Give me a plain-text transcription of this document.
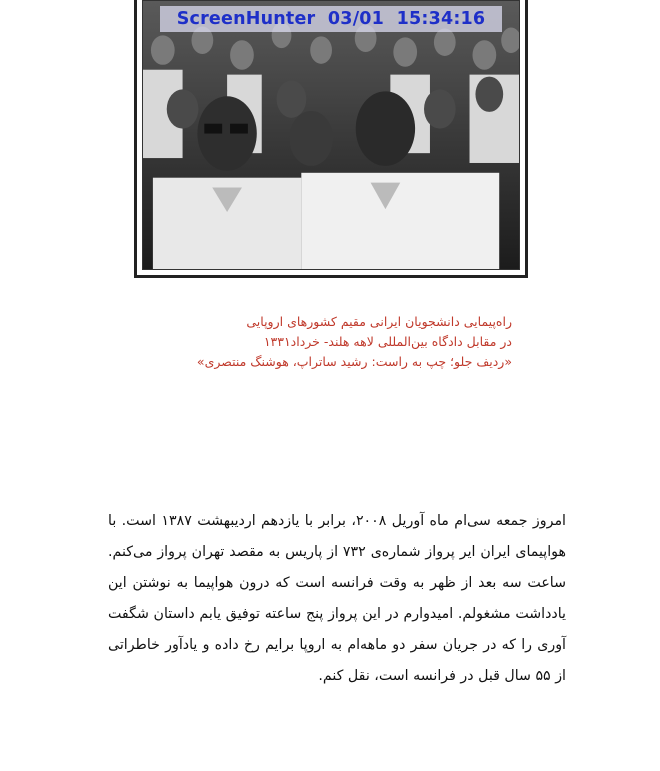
ScreenHunter  03/01  15:34:16
راه‌پیمایی دانشجویان ایرانی مقیم کشورهای اروپایی
در مقابل دادگاه بین‌المللی لاهه هلند- خرداد۱۳۳۱
«ردیف جلو؛ چپ به راست: رشید ساتراپ، هوشنگ منتصری»
امروز جمعه سی‌ام ماه آوریل ۲۰۰۸، برابر با یازدهم اردیبهشت ۱۳۸۷ است. با هواپیمای ایران ایر پرواز شماره‌ی ۷۳۲ از پاریس به مقصد تهران پرواز می‌کنم. ساعت سه بعد از ظهر به وقت فرانسه است که درون هواپیما به نوشتن این یادداشت مشغولم. امیدوارم در این پرواز پنج ساعته توفیق یابم داستان شگفت آوری را که در جریان سفر دو ماهه‌ام به اروپا برایم رخ داده و یادآور خاطراتی از ۵۵ سال قبل در فرانسه است، نقل کنم.
